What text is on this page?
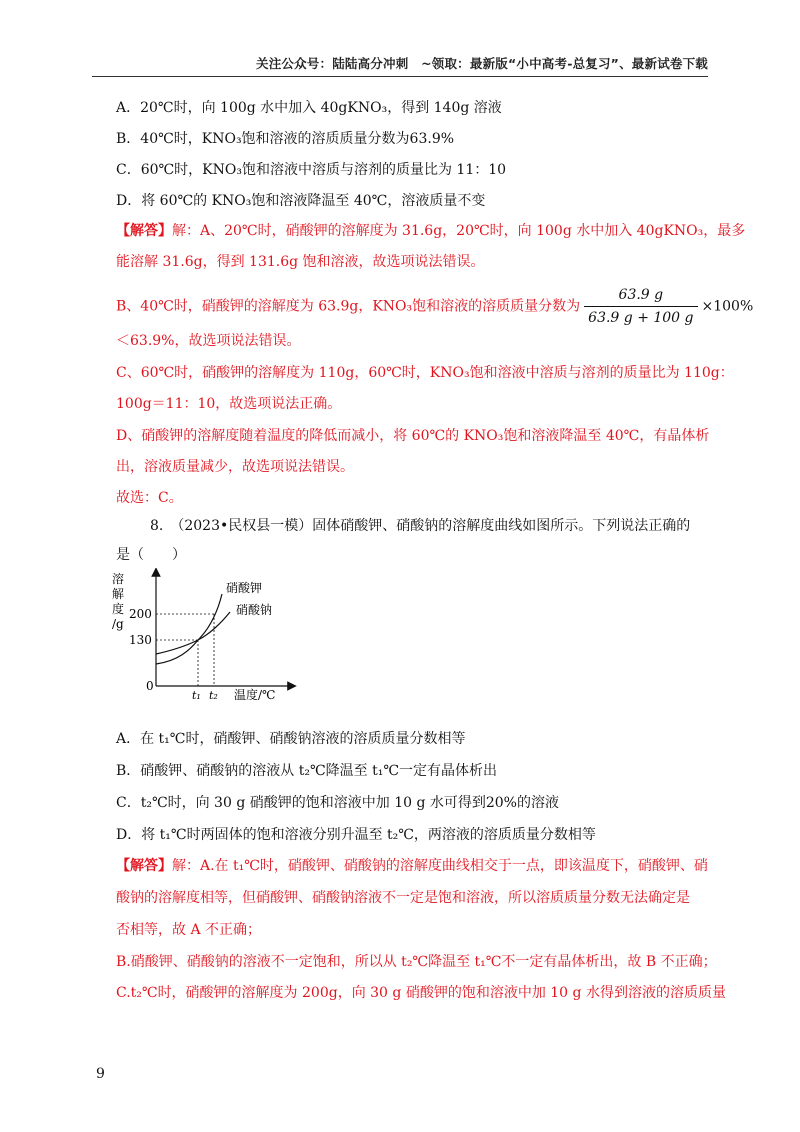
关注公众号：陆陆高分冲刺　~领取：最新版“小中高考-总复习”、最新试卷下载
A．20℃时，向 100g 水中加入 40gKNO₃，得到 140g 溶液
B．40℃时，KNO₃饱和溶液的溶质质量分数为63.9%
C．60℃时，KNO₃饱和溶液中溶质与溶剂的质量比为 11：10
D．将 60℃的 KNO₃饱和溶液降温至 40℃，溶液质量不变
【解答】解：A、20℃时，硝酸钾的溶解度为 31.6g，20℃时，向 100g 水中加入 40gKNO₃，最多
能溶解 31.6g，得到 131.6g 饱和溶液，故选项说法错误。
B、40℃时，硝酸钾的溶解度为 63.9g，KNO₃饱和溶液的溶质质量分数为 $\frac{63.9 g}{63.9 g + 100 g} \times 100\%$
＜63.9%，故选项说法错误。
C、60℃时，硝酸钾的溶解度为 110g，60℃时，KNO₃饱和溶液中溶质与溶剂的质量比为 110g：
100g＝11：10，故选项说法正确。
D、硝酸钾的溶解度随着温度的降低而减小，将 60℃的 KNO₃饱和溶液降温至 40℃，有晶体析
出，溶液质量减少，故选项说法错误。
故选：C。
8.　（2023•民权县一模）固体硝酸钾、硝酸钠的溶解度曲线如图所示。下列说法正确的
是（　　）
溶
解
度
/g
200
130
0
t₁ t₂ 温度/℃
硝酸钾
硝酸钠
A．在 t₁℃时，硝酸钾、硝酸钠溶液的溶质质量分数相等
B．硝酸钾、硝酸钠的溶液从 t₂℃降温至 t₁℃一定有晶体析出
C．t₂℃时，向 30 g 硝酸钾的饱和溶液中加 10 g 水可得到20%的溶液
D．将 t₁℃时两固体的饱和溶液分别升温至 t₂℃，两溶液的溶质质量分数相等
【解答】解：A.在 t₁℃时，硝酸钾、硝酸钠的溶解度曲线相交于一点，即该温度下，硝酸钾、硝
酸钠的溶解度相等，但硝酸钾、硝酸钠溶液不一定是饱和溶液，所以溶质质量分数无法确定是
否相等，故 A 不正确；
B.硝酸钾、硝酸钠的溶液不一定饱和，所以从 t₂℃降温至 t₁℃不一定有晶体析出，故 B 不正确；
C.t₂℃时，硝酸钾的溶解度为 200g，向 30 g 硝酸钾的饱和溶液中加 10 g 水得到溶液的溶质质量
9
